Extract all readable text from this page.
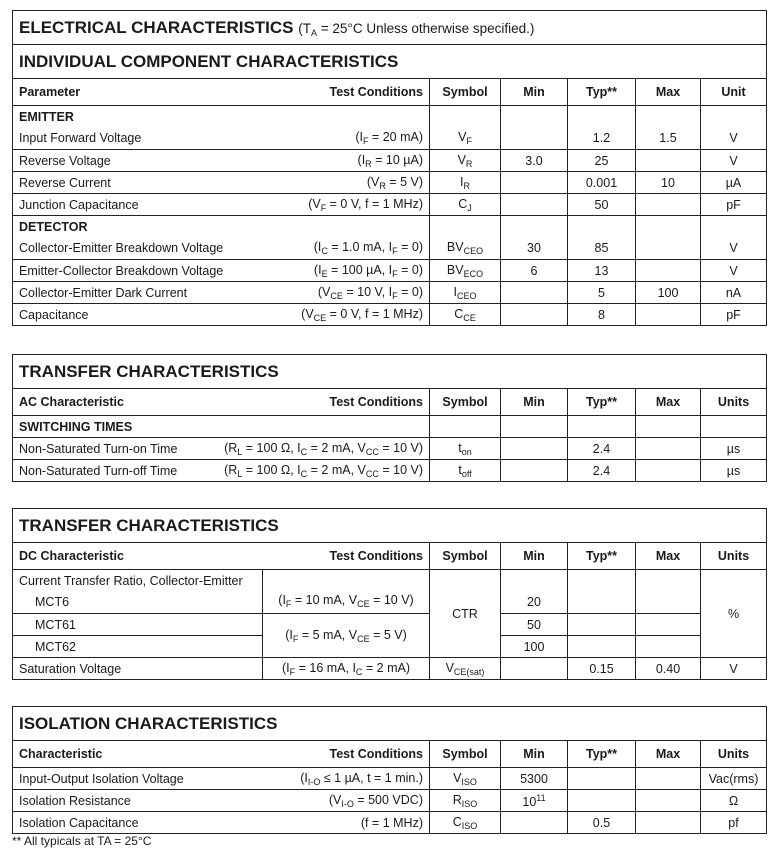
ELECTRICAL CHARACTERISTICS ($T_A = 25^\circ C$ Unless otherwise specified.)						
INDIVIDUAL COMPONENT CHARACTERISTICS						
Parameter	Test Conditions	Symbol	Min	Typ**	Max	Unit
EMITTER						
Input Forward Voltage	($I_F = 20$ mA)	$V_F$		1.2	1.5	V
Reverse Voltage	($I_R = 10$ µA)	$V_R$	3.0	25		V
Reverse Current	($V_R = 5$ V)	$I_R$		0.001	10	µA
Junction Capacitance	($V_F = 0$ V, f = 1 MHz)	$C_J$		50		pF
DETECTOR						
Collector-Emitter Breakdown Voltage	($I_C = 1.0$ mA, $I_F = 0$)	$BV_{CEO}$	30	85		V
Emitter-Collector Breakdown Voltage	($I_E = 100$ µA, $I_F = 0$)	$BV_{ECO}$	6	13		V
Collector-Emitter Dark Current	($V_{CE} = 10$ V, $I_F = 0$)	$I_{CEO}$		5	100	nA
Capacitance	($V_{CE} = 0$ V, f = 1 MHz)	$C_{CE}$		8		pF
TRANSFER CHARACTERISTICS						
AC Characteristic	Test Conditions	Symbol	Min	Typ**	Max	Units
SWITCHING TIMES						
Non-Saturated Turn-on Time	($R_L = 100$ Ω, $I_C = 2$ mA, $V_{CC} = 10$ V)	$t_{on}$		2.4		µs
Non-Saturated Turn-off Time	($R_L = 100$ Ω, $I_C = 2$ mA, $V_{CC} = 10$ V)	$t_{off}$		2.4		µs
TRANSFER CHARACTERISTICS						
DC Characteristic	Test Conditions	Symbol	Min	Typ**	Max	Units
Current Transfer Ratio, Collector-Emitter	($I_F = 10$ mA, $V_{CE} = 10$ V)	CTR				%
MCT6			20			
MCT61	($I_F = 5$ mA, $V_{CE} = 5$ V)		50			
MCT62			100			
Saturation Voltage	($I_F = 16$ mA, $I_C = 2$ mA)	$V_{CE(sat)}$		0.15	0.40	V
ISOLATION CHARACTERISTICS						
Characteristic	Test Conditions	Symbol	Min	Typ**	Max	Units
Input-Output Isolation Voltage	($I_{I-O} \le 1$ µA, t = 1 min.)	$V_{ISO}$	5300			Vac(rms)
Isolation Resistance	($V_{I-O} = 500$ VDC)	$R_{ISO}$	$10^{11}$			Ω
Isolation Capacitance	(f = 1 MHz)	$C_{ISO}$		0.5		pf
** All typicals at TA = 25°C
